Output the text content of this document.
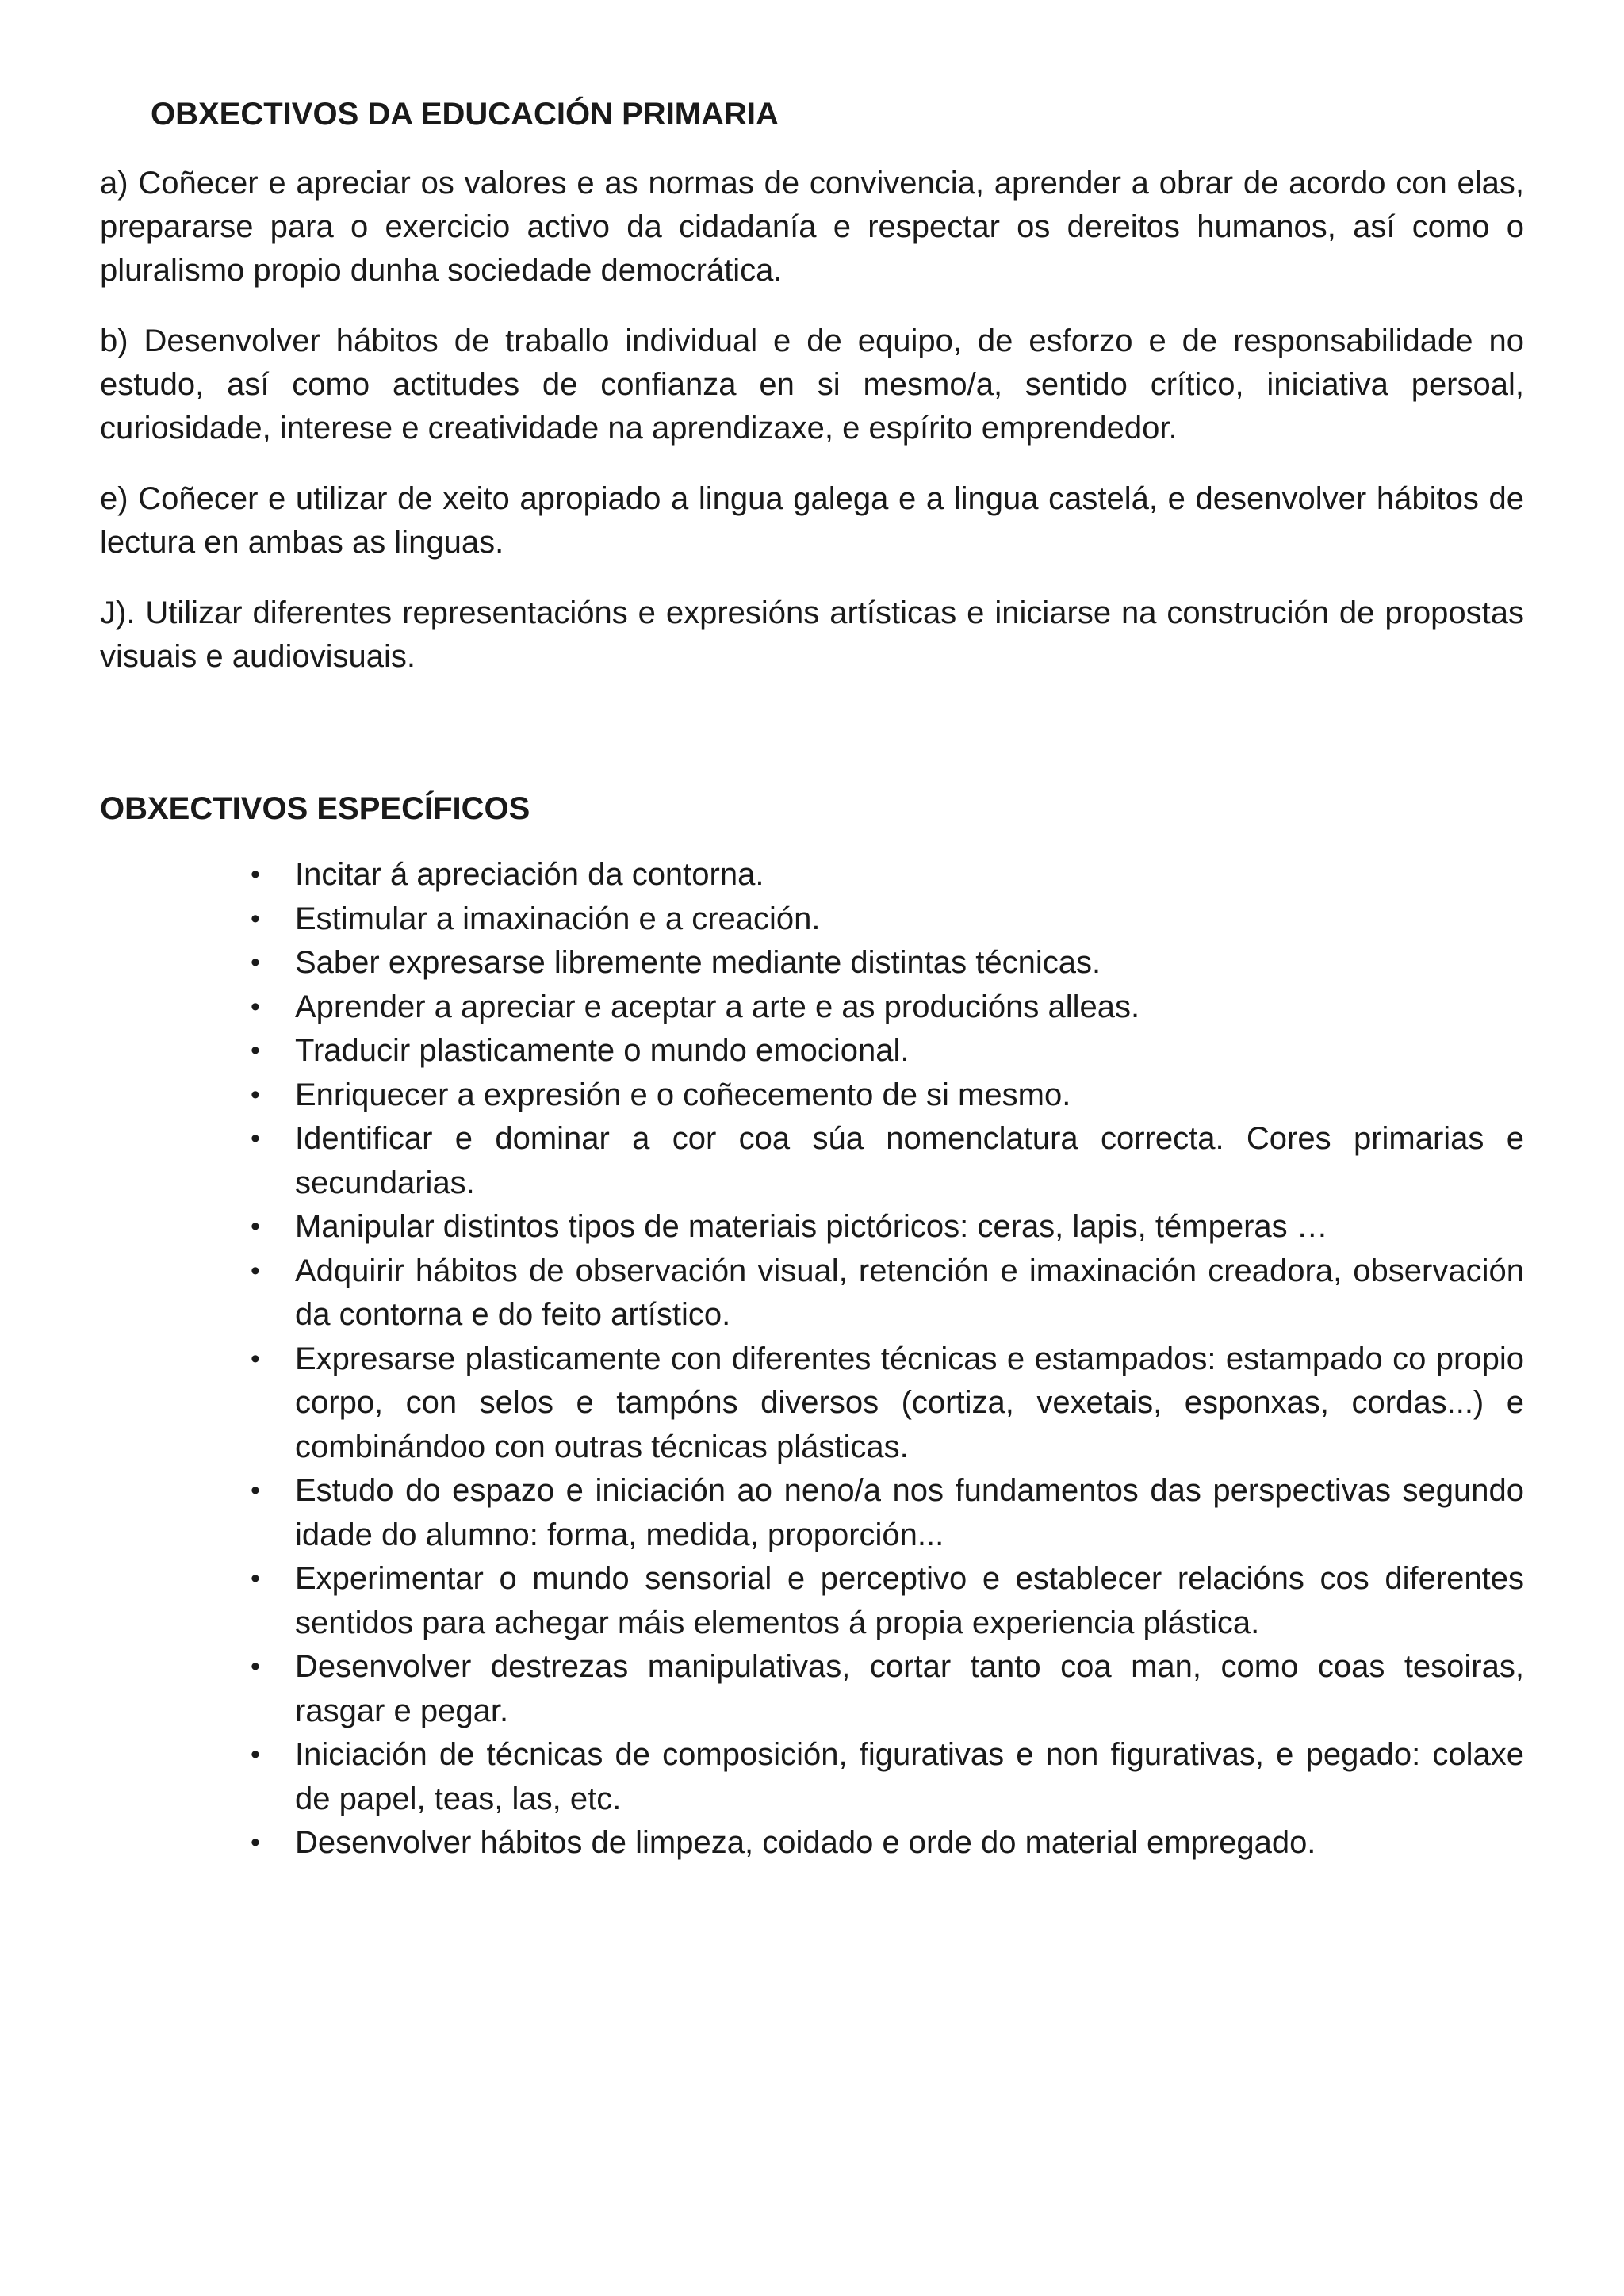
OBXECTIVOS DA EDUCACIÓN PRIMARIA

a) Coñecer e apreciar os valores e as normas de convivencia, aprender a obrar de acordo con elas, prepararse para o exercicio activo da cidadanía e respectar os dereitos humanos, así como o pluralismo propio dunha sociedade democrática.

b) Desenvolver hábitos de traballo individual e de equipo, de esforzo e de responsabilidade no estudo, así como actitudes de confianza en si mesmo/a, sentido crítico, iniciativa persoal, curiosidade, interese e creatividade na aprendizaxe, e espírito emprendedor.

e) Coñecer e utilizar de xeito apropiado a lingua galega e a lingua castelá, e desenvolver hábitos de lectura en ambas as linguas.

J). Utilizar diferentes representacións e expresións artísticas e iniciarse na construción de propostas visuais e audiovisuais.

OBXECTIVOS ESPECÍFICOS
• Incitar á apreciación da contorna.
• Estimular a imaxinación e a creación.
• Saber expresarse libremente mediante distintas técnicas.
• Aprender a apreciar e aceptar a arte e as producións alleas.
• Traducir plasticamente o mundo emocional.
• Enriquecer a expresión e o coñecemento de si mesmo.
• Identificar e dominar a cor coa súa nomenclatura correcta. Cores primarias e secundarias.
• Manipular distintos tipos de materiais pictóricos: ceras, lapis, témperas …
• Adquirir hábitos de observación visual, retención e imaxinación creadora, observación da contorna e do feito artístico.
• Expresarse plasticamente con diferentes técnicas e estampados: estampado co propio corpo, con selos e tampóns diversos (cortiza, vexetais, esponxas, cordas...) e combinándoo con outras técnicas plásticas.
• Estudo do espazo e iniciación ao neno/a nos fundamentos das perspectivas segundo idade do alumno: forma, medida, proporción...
• Experimentar o mundo sensorial e perceptivo e establecer relacións cos diferentes sentidos para achegar máis elementos á propia experiencia plástica.
• Desenvolver destrezas manipulativas, cortar tanto coa man, como coas tesoiras, rasgar e pegar.
• Iniciación de técnicas de composición, figurativas e non figurativas, e pegado: colaxe de papel, teas, las, etc.
• Desenvolver hábitos de limpeza, coidado e orde do material empregado.
